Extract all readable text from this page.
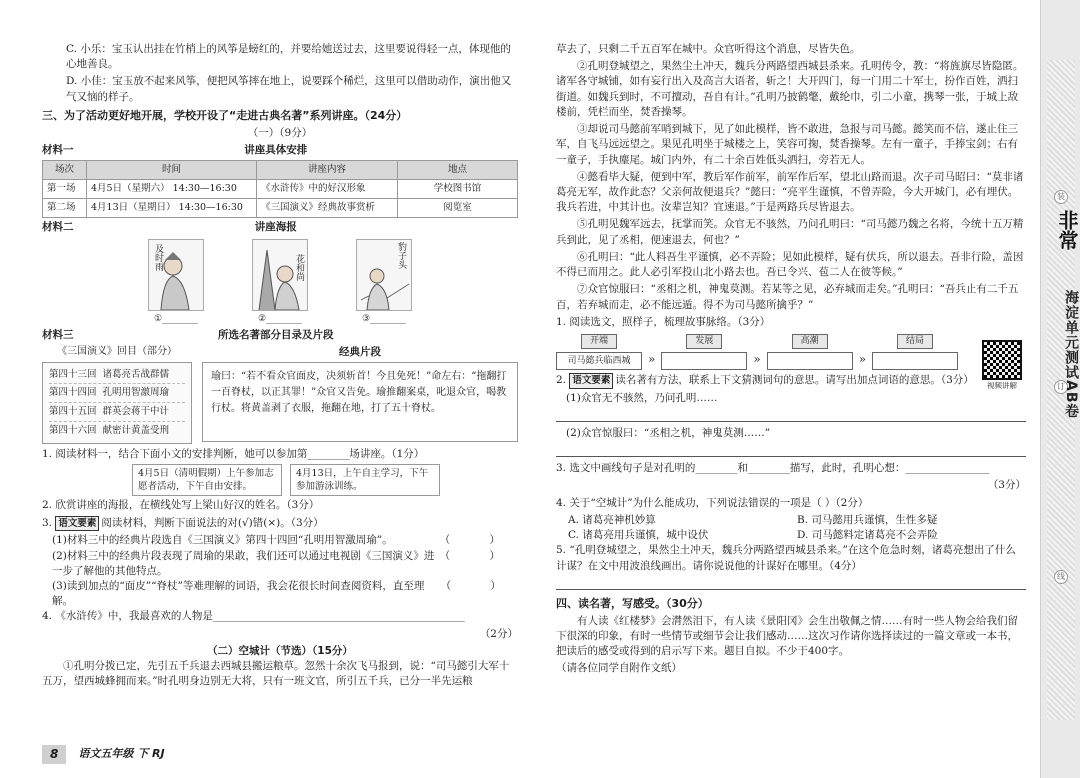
C. 小乐：宝玉认出挂在竹梢上的风筝是螃红的，并要给她送过去，这里要说得轻一点，体现他的心地善良。

D. 小佳：宝玉放不起来风筝，便把风筝摔在地上，说要踩个稀烂，这里可以借助动作，演出他又气又恼的样子。

三、为了活动更好地开展，学校开设了“走进古典名著”系列讲座。（24分）
（一）（9分）
材料一	讲座具体安排
场次	时间	讲座内容	地点
第一场	4月5日（星期六） 14:30—16:30	《水浒传》中的好汉形象	学校图书馆
第二场	4月13日（星期日） 14:30—16:30	《三国演义》经典故事赏析	阅览室
材料二	讲座海报
及时雨
①________
花和尚
②________
豹子头
③________
材料三	所选名著部分目录及片段
《三国演义》回目（部分）
第四十三回 诸葛亮舌战群儒
第四十四回 孔明用智激周瑜
第四十五回 群英会蒋干中计
第四十六回 献密计黄盖受刑
经典片段
瑜曰：“若不看众官面皮，决须斩首！今且免死！”命左右：“拖翻打一百脊杖，以正其罪！”众官又告免。瑜推翻案桌，叱退众官，喝教行杖。将黄盖剥了衣服，拖翻在地，打了五十脊杖。

1. 阅读材料一，结合下面小文的安排判断，她可以参加第________场讲座。（1分）

4月5日（清明假期）上午参加志愿者活动，下午自由安排。
4月13日，上午自主学习，下午参加游泳训练。

2. 欣赏讲座的海报，在横线处写上梁山好汉的姓名。（3分）

3. 语文要素 阅读材料，判断下面说法的对(√)错(×)。（3分）

(1)材料三中的经典片段选自《三国演义》第四十四回“孔明用智激周瑜”。	（ ）
(2)材料三中的经典片段表现了周瑜的果敢，我们还可以通过电视剧《三国演义》进一步了解他的其他特点。
（ ）
(3)读到加点的“面皮”“脊杖”等难理解的词语，我会花很长时间查阅资料，直至理解。
（ ）

4. 《水浒传》中，我最喜欢的人物是________________________________________________

（2分）

（二）空城计（节选）（15分）

①孔明分拨已定，先引五千兵退去西城县搬运粮草。忽然十余次飞马报到，说：“司马懿引大军十五万，望西城蜂拥而来。”时孔明身边别无大将，只有一班文官，所引五千兵，已分一半先运粮

8	语文五年级 下 RJ

草去了，只剩二千五百军在城中。众官听得这个消息，尽皆失色。

②孔明登城望之，果然尘土冲天，魏兵分两路望西城县杀来。孔明传令，教：“将旌旗尽皆隐匿。诸军各守城铺，如有妄行出入及高言大语者，斩之！大开四门，每一门用二十军士，扮作百姓，洒扫街道。如魏兵到时，不可擅动，吾自有计。”孔明乃披鹤氅，戴纶巾，引二小童，携琴一张，于城上敌楼前，凭栏而坐，焚香操琴。

③却说司马懿前军哨到城下，见了如此模样，皆不敢进，急报与司马懿。懿笑而不信，遂止住三军，自飞马远远望之。果见孔明坐于城楼之上，笑容可掬，焚香操琴。左有一童子，手捧宝剑；右有一童子，手执麈尾。城门内外，有二十余百姓低头洒扫，旁若无人。

④懿看毕大疑，便到中军，教后军作前军，前军作后军，望北山路而退。次子司马昭曰：“莫非诸葛亮无军，故作此态？父亲何故便退兵？”懿曰：“亮平生谨慎，不曾弄险，今大开城门，必有埋伏。我兵若进，中其计也。汝辈岂知？宜速退。”于是两路兵尽皆退去。

⑤孔明见魏军远去，抚掌而笑。众官无不骇然，乃问孔明曰：“司马懿乃魏之名将，今统十五万精兵到此，见了丞相，便速退去，何也？”

⑥孔明曰：“此人料吾生平谨慎，必不弄险；见如此模样，疑有伏兵，所以退去。吾非行险，盖因不得已而用之。此人必引军投山北小路去也。吾已令兴、苞二人在彼等候。”

⑦众官惊服曰：“丞相之机，神鬼莫测。若某等之见，必弃城而走矣。”孔明曰：“吾兵止有二千五百，若弃城而走，必不能远遁。得不为司马懿所擒乎？”

1. 阅读选文，照样子，梳理故事脉络。（3分）

开端
司马懿兵临西城	»
发展
»
高潮
»
结局
视频讲解

2. 语文要素 读名著有方法，联系上下文猜测词句的意思。请写出加点词语的意思。（3分）

(1)众官无不骇然，乃问孔明……

(2)众官惊服曰：“丞相之机，神鬼莫测……”

3. 选文中画线句子是对孔明的________和________描写，此时，孔明心想：________________

（3分）

4. 关于“空城计”为什么能成功，下列说法错误的一项是（ ）（2分）

A. 诸葛亮神机妙算	B. 司马懿用兵谨慎，生性多疑
C. 诸葛亮用兵谨慎，城中设伏	D. 司马懿料定诸葛亮不会弄险

5. “孔明登城望之，果然尘土冲天，魏兵分两路望西城县杀来。”在这个危急时刻，诸葛亮想出了什么计谋？在文中用波浪线画出。请你说说他的计谋好在哪里。（4分）

四、读名著，写感受。（30分）

有人读《红楼梦》会潸然泪下，有人读《景阳冈》会生出敬佩之情……有时一些人物会给我们留下很深的印象，有时一些情节或细节会让我们感动……这次习作请你选择读过的一篇文章或一本书，把读后的感受或得到的启示写下来。题目自拟。不少于400字。

（请各位同学自附作文纸）

装
订
线
非常
海淀单元测试AB卷
